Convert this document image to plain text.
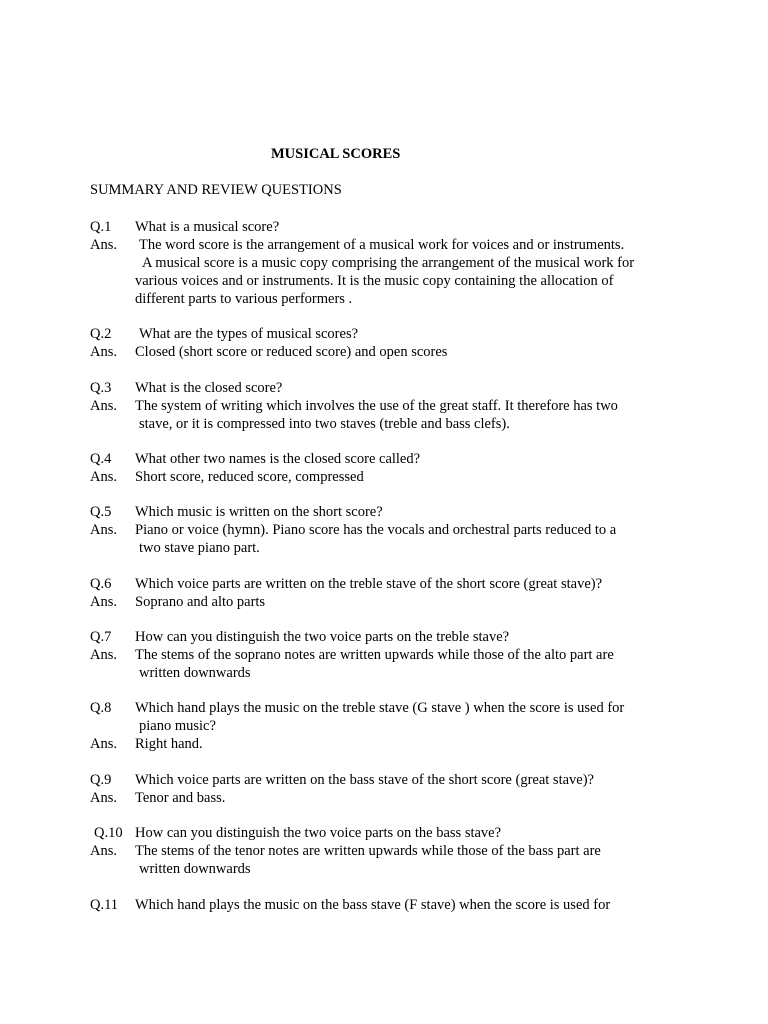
MUSICAL SCORES
SUMMARY AND REVIEW QUESTIONS
Q.1 What is a musical score?
Ans. The word score is the arrangement of a musical work for voices and or instruments.
A musical score is a music copy comprising the arrangement of the musical work for
various voices and or instruments. It is the music copy containing the allocation of
different parts to various performers .
Q.2 What are the types of musical scores?
Ans. Closed (short score or reduced score) and open scores
Q.3 What is the closed score?
Ans. The system of writing which involves the use of the great staff. It therefore has two
stave, or it is compressed into two staves (treble and bass clefs).
Q.4 What other two names is the closed score called?
Ans. Short score, reduced score, compressed
Q.5 Which music is written on the short score?
Ans. Piano or voice (hymn). Piano score has the vocals and orchestral parts reduced to a
two stave piano part.
Q.6 Which voice parts are written on the treble stave of the short score (great stave)?
Ans. Soprano and alto parts
Q.7 How can you distinguish the two voice parts on the treble stave?
Ans. The stems of the soprano notes are written upwards while those of the alto part are
written downwards
Q.8 Which hand plays the music on the treble stave (G stave ) when the score is used for
piano music?
Ans. Right hand.
Q.9 Which voice parts are written on the bass stave of the short score (great stave)?
Ans. Tenor and bass.
Q.10 How can you distinguish the two voice parts on the bass stave?
Ans. The stems of the tenor notes are written upwards while those of the bass part are
written downwards
Q.11 Which hand plays the music on the bass stave (F stave) when the score is used for
